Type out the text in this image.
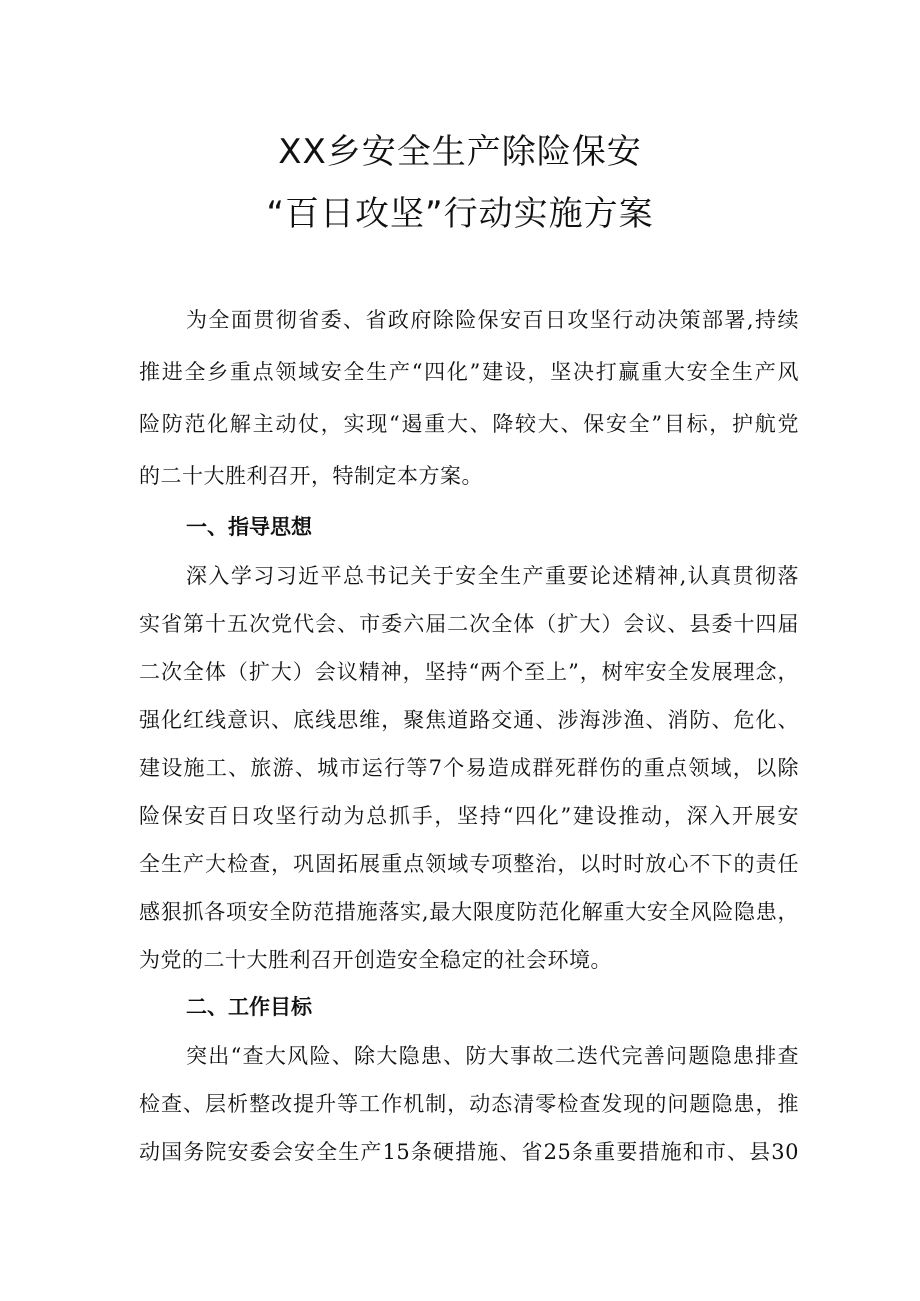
XX乡安全生产除险保安
“百日攻坚”行动实施方案
为全面贯彻省委、省政府除险保安百日攻坚行动决策部署,持续
推进全乡重点领域安全生产“四化”建设，坚决打赢重大安全生产风
险防范化解主动仗，实现“遏重大、降较大、保安全”目标，护航党
的二十大胜利召开，特制定本方案。
一、指导思想
深入学习习近平总书记关于安全生产重要论述精神,认真贯彻落
实省第十五次党代会、市委六届二次全体（扩大）会议、县委十四届
二次全体（扩大）会议精神，坚持“两个至上”，树牢安全发展理念，
强化红线意识、底线思维，聚焦道路交通、涉海涉渔、消防、危化、
建设施工、旅游、城市运行等7个易造成群死群伤的重点领域，以除
险保安百日攻坚行动为总抓手，坚持“四化”建设推动，深入开展安
全生产大检查，巩固拓展重点领域专项整治，以时时放心不下的责任
感狠抓各项安全防范措施落实,最大限度防范化解重大安全风险隐患，
为党的二十大胜利召开创造安全稳定的社会环境。
二、工作目标
突出“查大风险、除大隐患、防大事故二迭代完善问题隐患排查
检查、层析整改提升等工作机制，动态清零检查发现的问题隐患，推
动国务院安委会安全生产15条硬措施、省25条重要措施和市、县30
